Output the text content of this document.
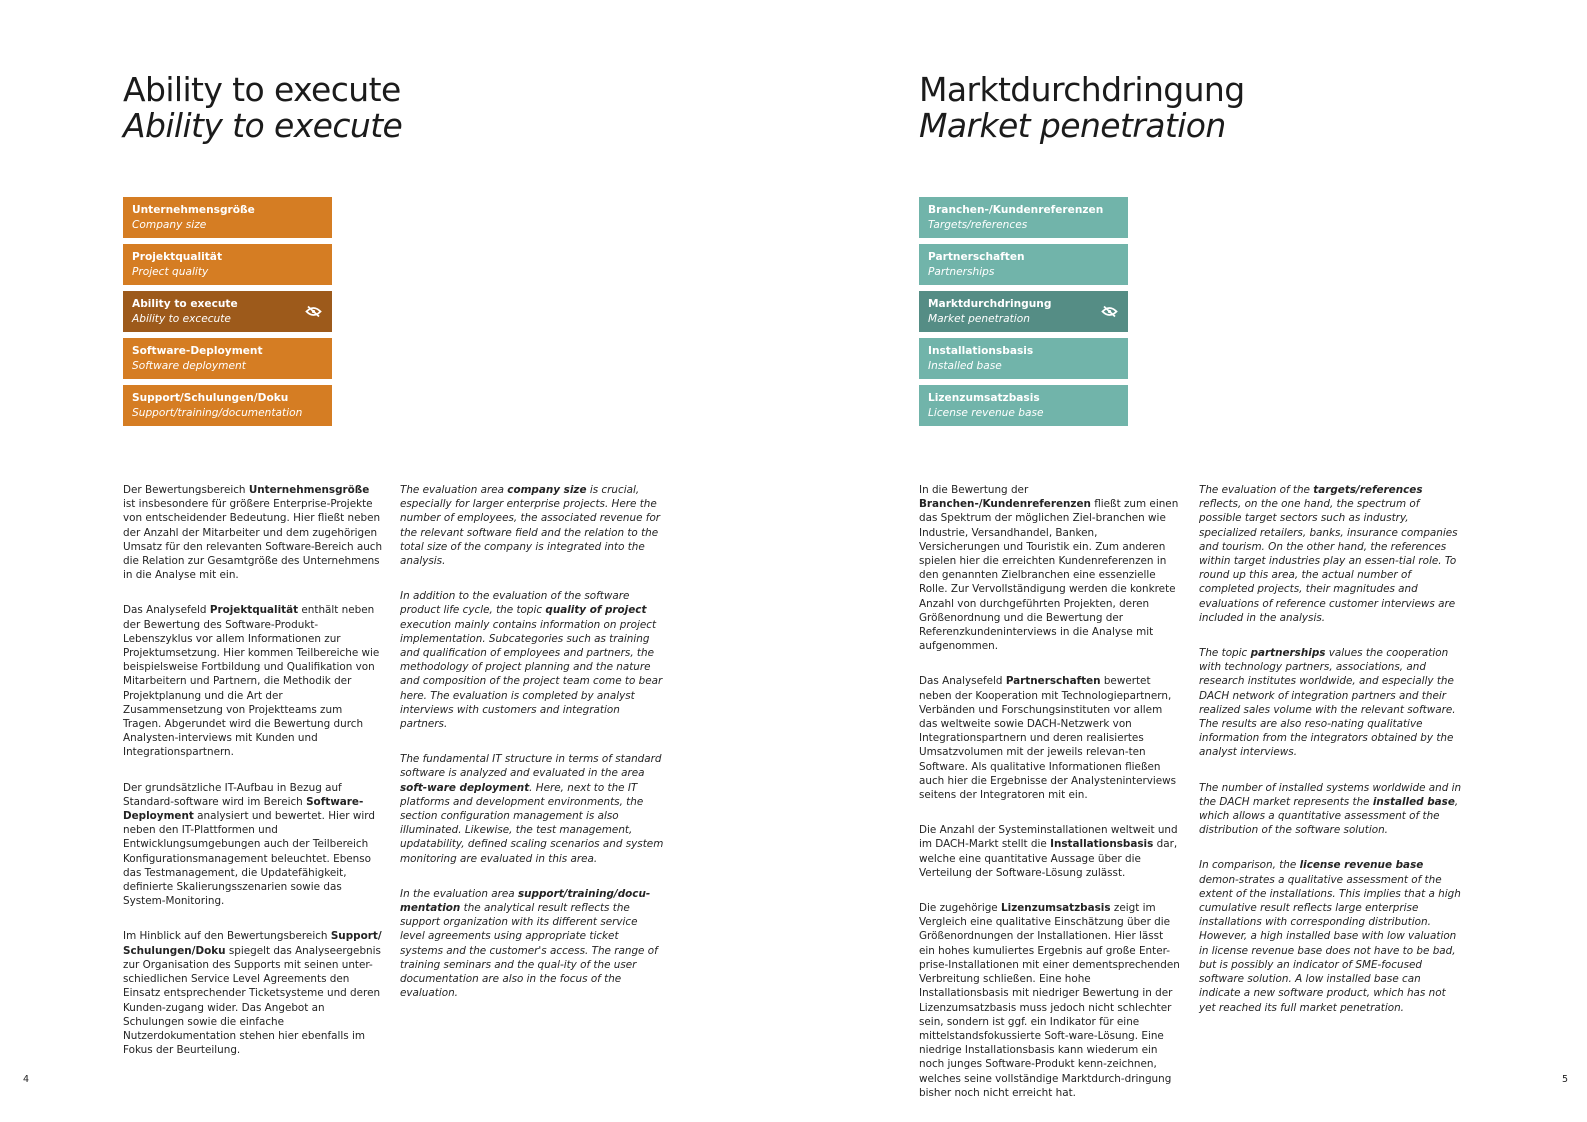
Ability to execute
Ability to execute
Unternehmensgröße
Company size
Projektqualität
Project quality
Ability to execute
Ability to excecute
Software-Deployment
Software deployment
Support/Schulungen/Doku
Support/training/documentation

Der Bewertungsbereich Unternehmensgröße ist insbesondere für größere Enterprise-Projekte von entscheidender Bedeutung. Hier fließt neben der Anzahl der Mitarbeiter und dem zugehörigen Umsatz für den relevanten Software-Bereich auch die Relation zur Gesamtgröße des Unternehmens in die Analyse mit ein.

Das Analysefeld Projektqualität enthält neben der Bewertung des Software-Produkt-Lebenszyklus vor allem Informationen zur Projektumsetzung. Hier kommen Teilbereiche wie beispielsweise Fortbildung und Qualifikation von Mitarbeitern und Partnern, die Methodik der Projektplanung und die Art der Zusammensetzung von Projektteams zum Tragen. Abgerundet wird die Bewertung durch Analysten-interviews mit Kunden und Integrationspartnern.

Der grundsätzliche IT-Aufbau in Bezug auf Standard-software wird im Bereich Software-Deployment analysiert und bewertet. Hier wird neben den IT-Plattformen und Entwicklungsumgebungen auch der Teilbereich Konfigurationsmanagement beleuchtet. Ebenso das Testmanagement, die Updatefähigkeit, definierte Skalierungsszenarien sowie das System-Monitoring.

Im Hinblick auf den Bewertungsbereich Support/ Schulungen/Doku spiegelt das Analyseergebnis zur Organisation des Supports mit seinen unter-schiedlichen Service Level Agreements den Einsatz entsprechender Ticketsysteme und deren Kunden-zugang wider. Das Angebot an Schulungen sowie die einfache Nutzerdokumentation stehen hier ebenfalls im Fokus der Beurteilung.

The evaluation area company size is crucial, especially for larger enterprise projects. Here the number of employees, the associated revenue for the relevant software field and the relation to the total size of the company is integrated into the analysis.

In addition to the evaluation of the software product life cycle, the topic quality of project execution mainly contains information on project implementation. Subcategories such as training and qualification of employees and partners, the methodology of project planning and the nature and composition of the project team come to bear here. The evaluation is completed by analyst interviews with customers and integration partners.

The fundamental IT structure in terms of standard software is analyzed and evaluated in the area soft-ware deployment. Here, next to the IT platforms and development environments, the section configuration management is also illuminated. Likewise, the test management, updatability, defined scaling scenarios and system monitoring are evaluated in this area.

In the evaluation area support/training/docu-mentation the analytical result reflects the support organization with its different service level agreements using appropriate ticket systems and the customer's access. The range of training seminars and the qual-ity of the user documentation are also in the focus of the evaluation.

4
Marktdurchdringung
Market penetration
Branchen-/Kundenreferenzen
Targets/references
Partnerschaften
Partnerships
Marktdurchdringung
Market penetration
Installationsbasis
Installed base
Lizenzumsatzbasis
License revenue base

In die Bewertung der Branchen-/Kundenreferenzen fließt zum einen das Spektrum der möglichen Ziel-branchen wie Industrie, Versandhandel, Banken, Versicherungen und Touristik ein. Zum anderen spielen hier die erreichten Kundenreferenzen in den genannten Zielbranchen eine essenzielle Rolle. Zur Vervollständigung werden die konkrete Anzahl von durchgeführten Projekten, deren Größenordnung und die Bewertung der Referenzkundeninterviews in die Analyse mit aufgenommen.

Das Analysefeld Partnerschaften bewertet neben der Kooperation mit Technologiepartnern, Verbänden und Forschungsinstituten vor allem das weltweite sowie DACH-Netzwerk von Integrationspartnern und deren realisiertes Umsatzvolumen mit der jeweils relevan-ten Software. Als qualitative Informationen fließen auch hier die Ergebnisse der Analysteninterviews seitens der Integratoren mit ein.

Die Anzahl der Systeminstallationen weltweit und im DACH-Markt stellt die Installationsbasis dar, welche eine quantitative Aussage über die Verteilung der Software-Lösung zulässt.

Die zugehörige Lizenzumsatzbasis zeigt im Vergleich eine qualitative Einschätzung über die Größenordnungen der Installationen. Hier lässt ein hohes kumuliertes Ergebnis auf große Enter-prise-Installationen mit einer dementsprechenden Verbreitung schließen. Eine hohe Installationsbasis mit niedriger Bewertung in der Lizenzumsatzbasis muss jedoch nicht schlechter sein, sondern ist ggf. ein Indikator für eine mittelstandsfokussierte Soft-ware-Lösung. Eine niedrige Installationsbasis kann wiederum ein noch junges Software-Produkt kenn-zeichnen, welches seine vollständige Marktdurch-dringung bisher noch nicht erreicht hat.

The evaluation of the targets/references reflects, on the one hand, the spectrum of possible target sectors such as industry, specialized retailers, banks, insurance companies and tourism. On the other hand, the references within target industries play an essen-tial role. To round up this area, the actual number of completed projects, their magnitudes and evaluations of reference customer interviews are included in the analysis.

The topic partnerships values the cooperation with technology partners, associations, and research institutes worldwide, and especially the DACH network of integration partners and their realized sales volume with the relevant software. The results are also reso-nating qualitative information from the integrators obtained by the analyst interviews.

The number of installed systems worldwide and in the DACH market represents the installed base, which allows a quantitative assessment of the distribution of the software solution.

In comparison, the license revenue base demon-strates a qualitative assessment of the extent of the installations. This implies that a high cumulative result reflects large enterprise installations with corresponding distribution. However, a high installed base with low valuation in license revenue base does not have to be bad, but is possibly an indicator of SME-focused software solution. A low installed base can indicate a new software product, which has not yet reached its full market penetration.

5
